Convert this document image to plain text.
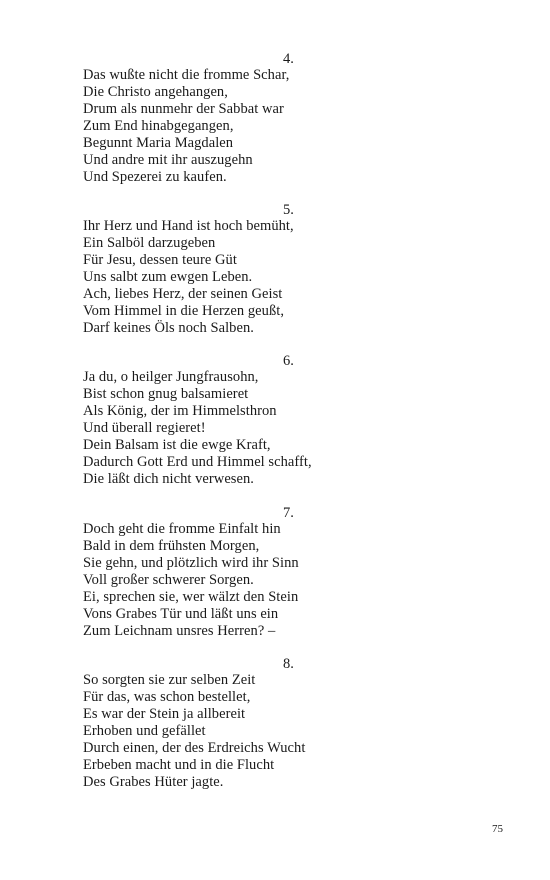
4.
Das wußte nicht die fromme Schar,
Die Christo angehangen,
Drum als nunmehr der Sabbat war
Zum End hinabgegangen,
Begunnt Maria Magdalen
Und andre mit ihr auszugehn
Und Spezerei zu kaufen.
5.
Ihr Herz und Hand ist hoch bemüht,
Ein Salböl darzugeben
Für Jesu, dessen teure Güt
Uns salbt zum ewgen Leben.
Ach, liebes Herz, der seinen Geist
Vom Himmel in die Herzen geußt,
Darf keines Öls noch Salben.
6.
Ja du, o heilger Jungfrausohn,
Bist schon gnug balsamieret
Als König, der im Himmelsthron
Und überall regieret!
Dein Balsam ist die ewge Kraft,
Dadurch Gott Erd und Himmel schafft,
Die läßt dich nicht verwesen.
7.
Doch geht die fromme Einfalt hin
Bald in dem frühsten Morgen,
Sie gehn, und plötzlich wird ihr Sinn
Voll großer schwerer Sorgen.
Ei, sprechen sie, wer wälzt den Stein
Vons Grabes Tür und läßt uns ein
Zum Leichnam unsres Herren? –
8.
So sorgten sie zur selben Zeit
Für das, was schon bestellet,
Es war der Stein ja allbereit
Erhoben und gefället
Durch einen, der des Erdreichs Wucht
Erbeben macht und in die Flucht
Des Grabes Hüter jagte.
75
